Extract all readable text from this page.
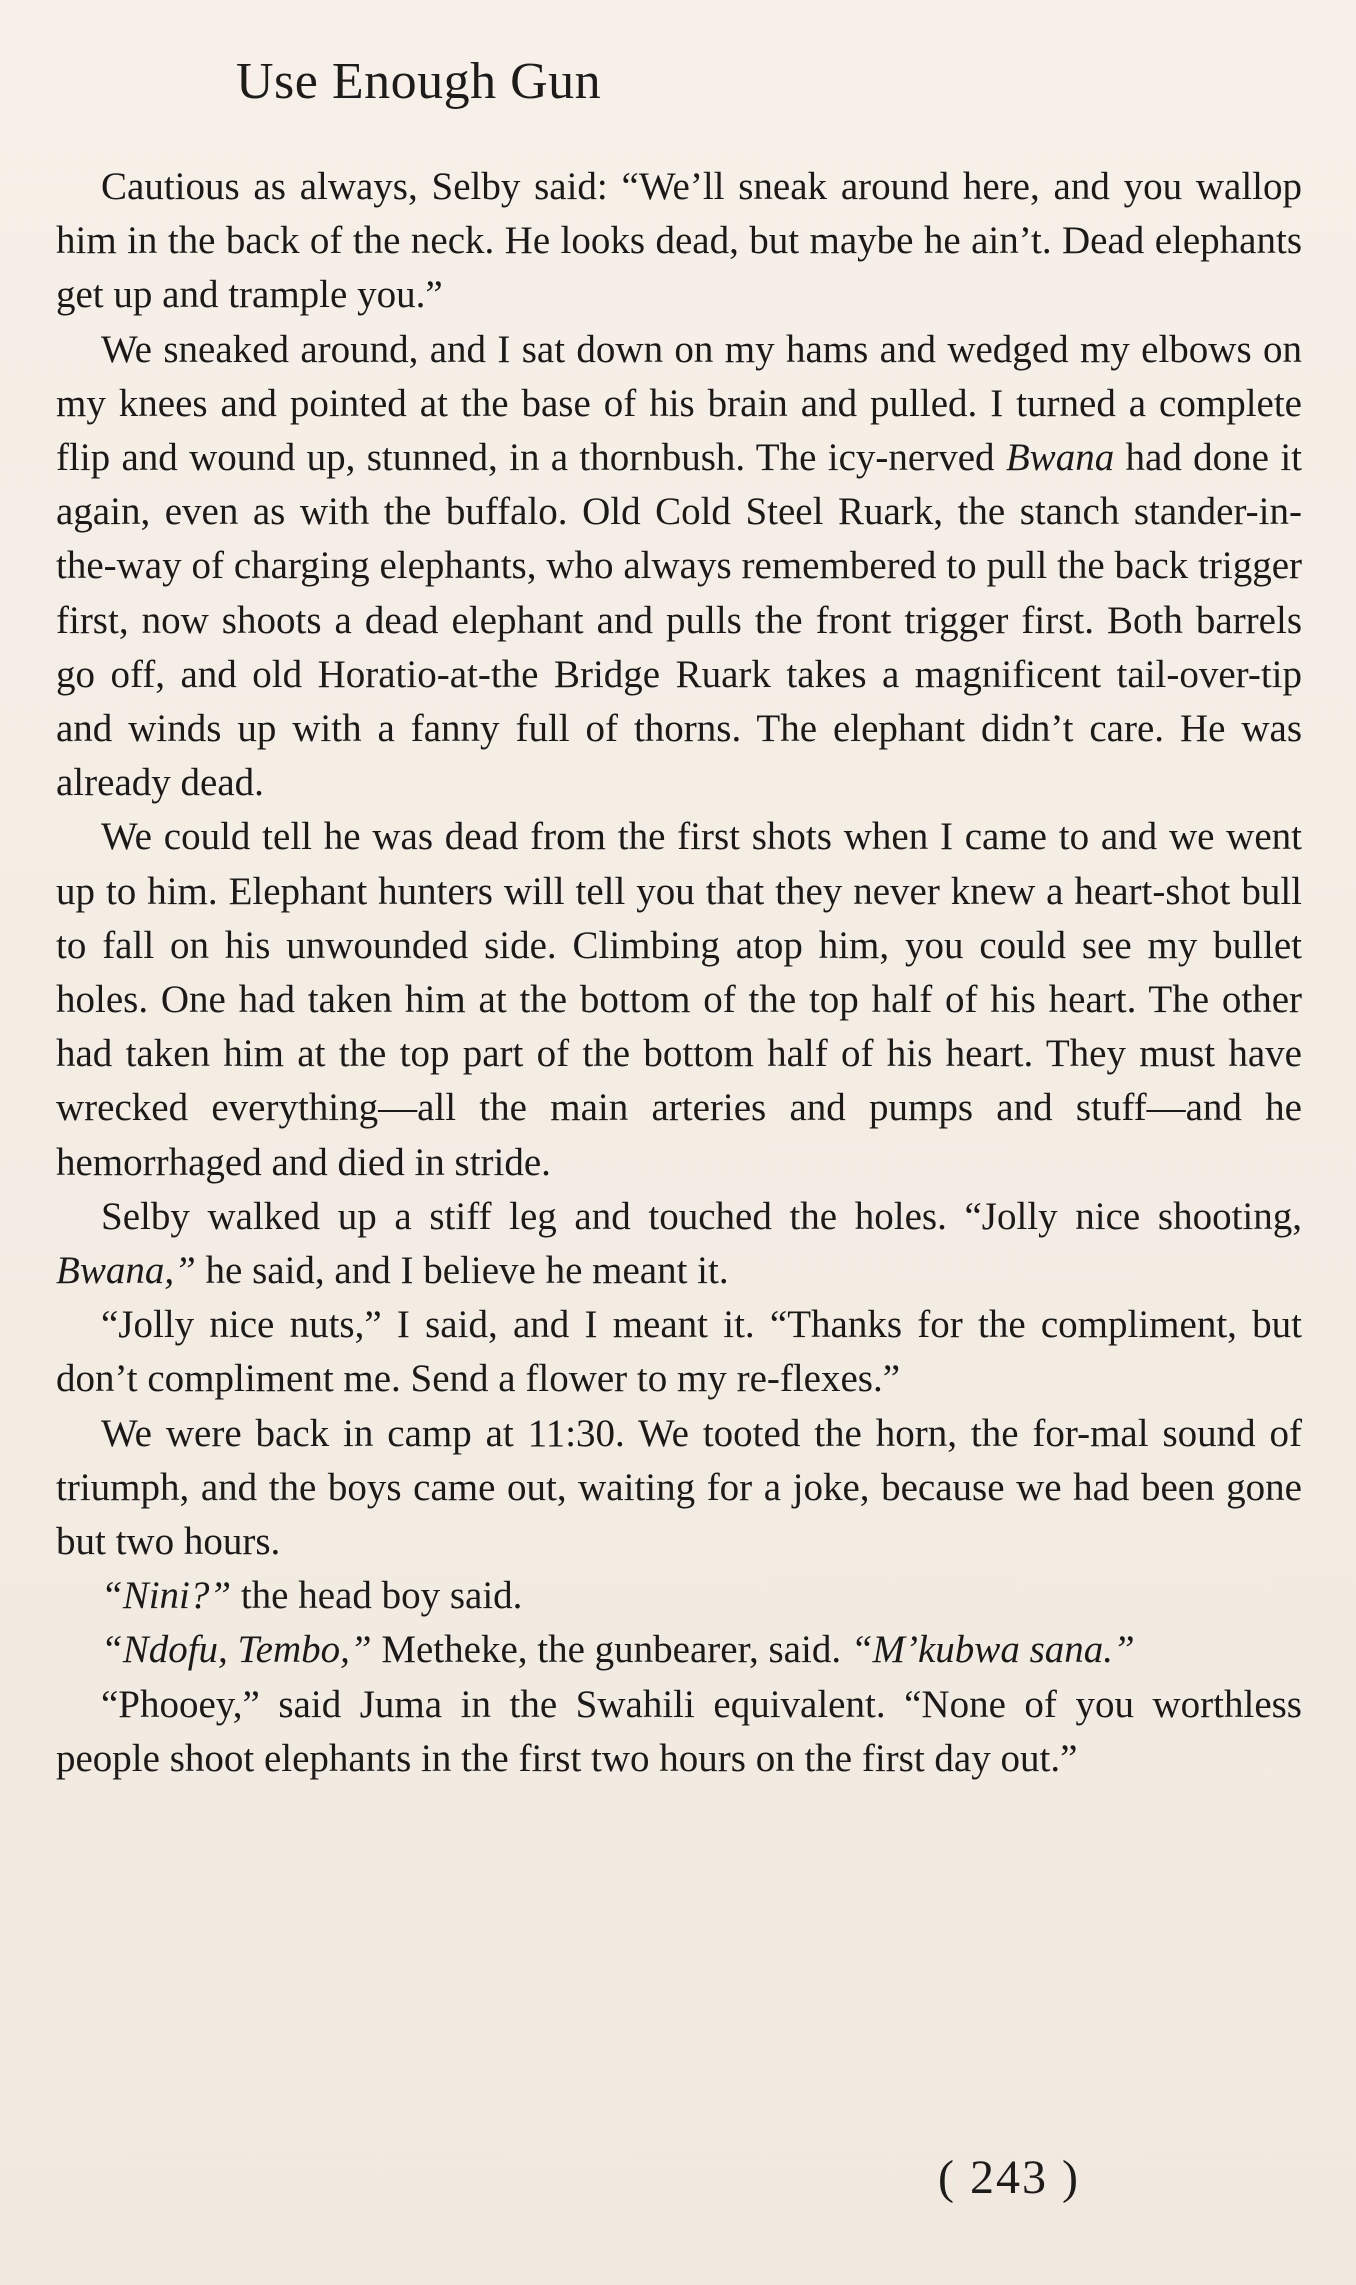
Use Enough Gun

Cautious as always, Selby said: “We’ll sneak around here, and you wallop him in the back of the neck. He looks dead, but maybe he ain’t. Dead elephants get up and trample you.”

We sneaked around, and I sat down on my hams and wedged my elbows on my knees and pointed at the base of his brain and pulled. I turned a complete flip and wound up, stunned, in a thornbush. The icy-nerved Bwana had done it again, even as with the buffalo. Old Cold Steel Ruark, the stanch stander-in-the-way of charging elephants, who always remembered to pull the back trigger first, now shoots a dead elephant and pulls the front trigger first. Both barrels go off, and old Horatio-at-the Bridge Ruark takes a magnificent tail-over-tip and winds up with a fanny full of thorns. The elephant didn’t care. He was already dead.

We could tell he was dead from the first shots when I came to and we went up to him. Elephant hunters will tell you that they never knew a heart-shot bull to fall on his unwounded side. Climbing atop him, you could see my bullet holes. One had taken him at the bottom of the top half of his heart. The other had taken him at the top part of the bottom half of his heart. They must have wrecked everything—all the main arteries and pumps and stuff—and he hemorrhaged and died in stride.

Selby walked up a stiff leg and touched the holes. “Jolly nice shooting, Bwana,” he said, and I believe he meant it.

“Jolly nice nuts,” I said, and I meant it. “Thanks for the compliment, but don’t compliment me. Send a flower to my re-flexes.”

We were back in camp at 11:30. We tooted the horn, the for-mal sound of triumph, and the boys came out, waiting for a joke, because we had been gone but two hours.

“Nini?” the head boy said.

“Ndofu, Tembo,” Metheke, the gunbearer, said. “M’kubwa sana.”

“Phooey,” said Juma in the Swahili equivalent. “None of you worthless people shoot elephants in the first two hours on the first day out.”

( 243 )
